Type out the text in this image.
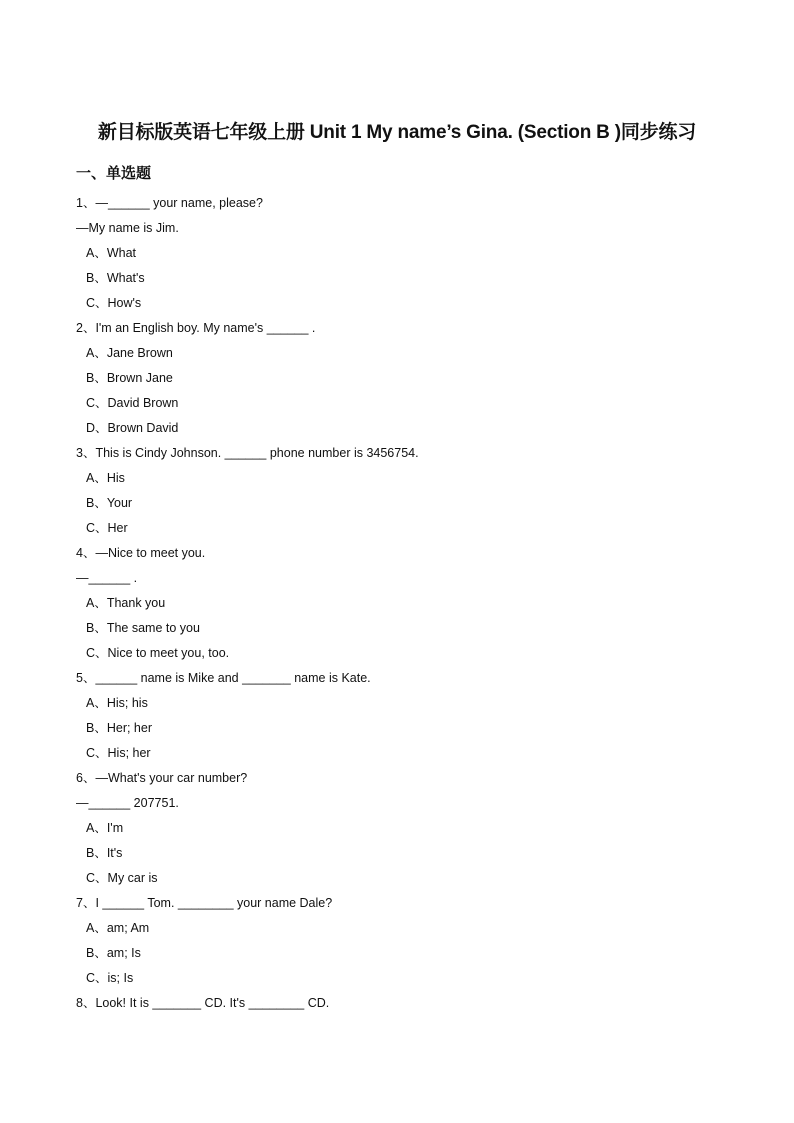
新目标版英语七年级上册 Unit 1 My name’s Gina. (Section B )同步练习
一、单选题
1、—______ your name, please?
—My name is Jim.
A、What
B、What's
C、How's
2、I'm an English boy. My name's ______ .
A、Jane Brown
B、Brown Jane
C、David Brown
D、Brown David
3、This is Cindy Johnson. ______ phone number is 3456754.
A、His
B、Your
C、Her
4、—Nice to meet you.
—______ .
A、Thank you
B、The same to you
C、Nice to meet you, too.
5、______ name is Mike and _______ name is Kate.
A、His; his
B、Her; her
C、His; her
6、—What's your car number?
—______ 207751.
A、I'm
B、It's
C、My car is
7、I ______ Tom. ________ your name Dale?
A、am; Am
B、am; Is
C、is; Is
8、Look! It is _______ CD. It's ________ CD.
